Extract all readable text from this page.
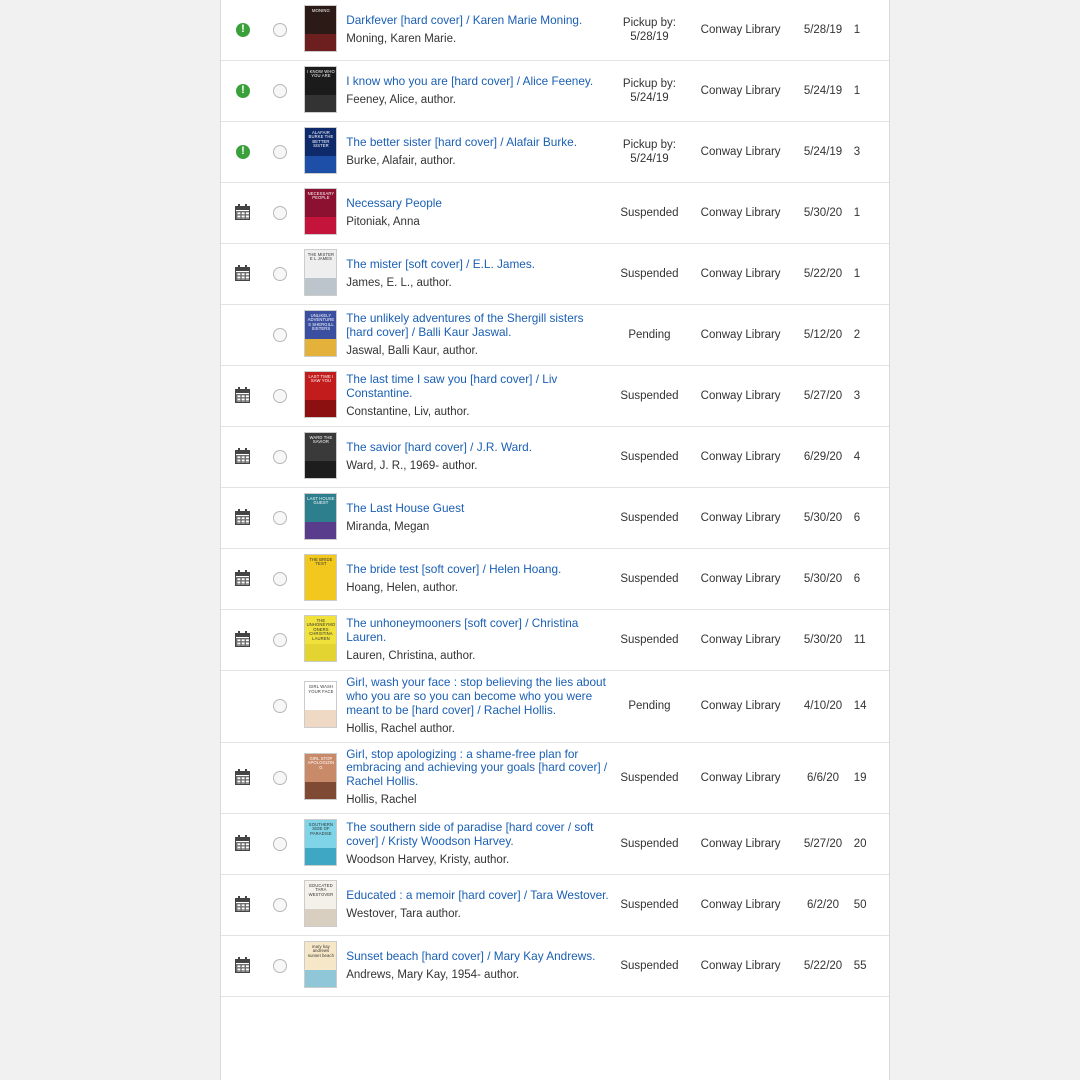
!		
MONING

Darkfever [hard cover] / Karen Marie Moning.
Moning, Karen Marie.

Pickup by:
5/28/19
	Conway Library	5/28/19	1
!		
I KNOW WHO YOU ARE	I know who you are [hard cover] / Alice Feeney.
Feeney, Alice, author.

Pickup by:
5/24/19
	Conway Library	5/24/19	1
!		
ALAFAIR BURKE THE BETTER SISTER	The better sister [hard cover] / Alafair Burke.
Burke, Alafair, author.

Pickup by:
5/24/19
	Conway Library	5/24/19	3

		NECESSARY PEOPLE	Necessary People
Pitoniak, Anna	Suspended	Conway Library	5/30/20	1

		THE MISTER E L JAMES	The mister [soft cover] / E.L. James.
James, E. L., author.	Suspended	Conway Library	5/22/20	1

		UNLIKELY ADVENTURES SHERGILL SISTERS	The unlikely adventures of the Shergill sisters [hard cover] / Balli Kaur Jaswal.
Jaswal, Balli Kaur, author.	Pending	Conway Library	5/12/20	2

		LAST TIME I SAW YOU	The last time I saw you [hard cover] / Liv Constantine.
Constantine, Liv, author.	Suspended	Conway Library	5/27/20	3

		WARD THE SAVIOR	The savior [hard cover] / J.R. Ward.
Ward, J. R., 1969- author.	Suspended	Conway Library	6/29/20	4

		LAST HOUSE GUEST	The Last House Guest
Miranda, Megan	Suspended	Conway Library	5/30/20	6

		THE BRIDE TEST	The bride test [soft cover] / Helen Hoang.
Hoang, Helen, author.	Suspended	Conway Library	5/30/20	6

		THE UNHONEYMOONERS CHRISTINA LAUREN	The unhoneymooners [soft cover] / Christina Lauren.
Lauren, Christina, author.	Suspended	Conway Library	5/30/20	11

		GIRL WASH YOUR FACE	Girl, wash your face : stop believing the lies about who you are so you can become who you were meant to be [hard cover] / Rachel Hollis.
Hollis, Rachel author.	Pending	Conway Library	4/10/20	14

		GIRL STOP APOLOGIZING	Girl, stop apologizing : a shame-free plan for embracing and achieving your goals [hard cover] / Rachel Hollis.
Hollis, Rachel	Suspended	Conway Library	6/6/20	19

		SOUTHERN SIDE OF PARADISE	The southern side of paradise [hard cover / soft cover] / Kristy Woodson Harvey.
Woodson Harvey, Kristy, author.	Suspended	Conway Library	5/27/20	20

		EDUCATED TARA WESTOVER	Educated : a memoir [hard cover] / Tara Westover.
Westover, Tara author.	Suspended	Conway Library	6/2/20	50

		mary kay andrews sunset beach	Sunset beach [hard cover] / Mary Kay Andrews.
Andrews, Mary Kay, 1954- author.	Suspended	Conway Library	5/22/20	55
